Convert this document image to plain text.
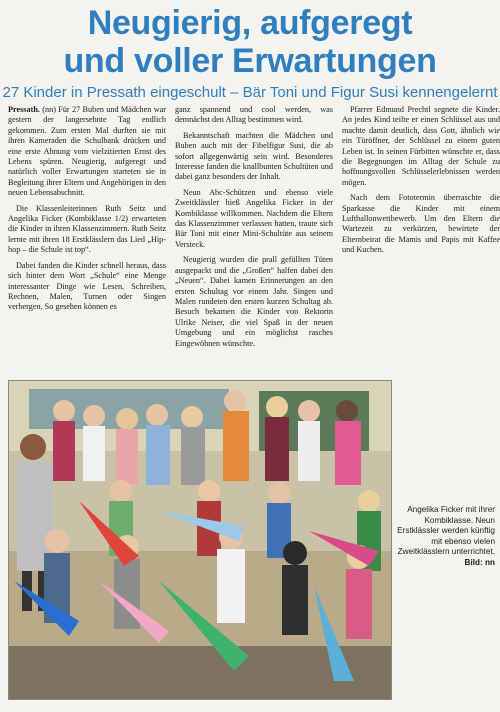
Neugierig, aufgeregt
und voller Erwartungen
27 Kinder in Pressath eingeschult – Bär Toni und Figur Susi kennengelernt

Pressath. (nn) Für 27 Buben und Mädchen war gestern der langersehnte Tag endlich gekommen. Zum ersten Mal durften sie mit ihren Kameraden die Schulbank drücken und eine erste Ahnung vom vielzitierten Ernst des Lebens spüren. Neugierig, aufgeregt und natürlich voller Erwartungen starteten sie in Begleitung ihrer Eltern und Angehörigen in den neuen Lebensabschnitt.

Die Klassenleiterinnen Ruth Seitz und Angelika Ficker (Kombiklasse 1/2) erwarteten die Kinder in ihren Klassenzimmern. Ruth Seitz lernte mit ihren 18 Erstklässlern das Lied „Hip-hop – die Schule ist top“.

Dabei fanden die Kinder schnell heraus, dass sich hinter dem Wort „Schule“ eine Menge interessanter Dinge wie Lesen, Schreiben, Rechnen, Malen, Turnen oder Singen verbergen. So gesehen können es

ganz spannend und cool werden, was demnächst den Alltag bestimmen wird.

Bekanntschaft machten die Mädchen und Buben auch mit der Fibelfigur Susi, die ab sofort allgegenwärtig sein wird. Besonderes Interesse fanden die knallbunten Schultüten und dabei ganz besonders der Inhalt.

Neun Abc-Schützen und ebenso viele Zweitklässler hieß Angelika Ficker in der Kombiklasse willkommen. Nachdem die Eltern das Klassenzimmer verlassen hatten, traute sich Bär Toni mit einer Mini-Schultüte aus seinem Versteck.

Neugierig wurden die prall gefüllten Tüten ausgepackt und die „Großen“ halfen dabei den „Neuen“. Dabei kamen Erinnerungen an den ersten Schultag vor einem Jahr. Singen und Malen rundeten den ersten kurzen Schultag ab. Besuch bekamen die Kinder von Rektorin Ulrike Neiser, die viel Spaß in der neuen Umgebung und ein möglichst rasches Eingewöhnen wünschte.

Pfarrer Edmund Prechtl segnete die Kinder. An jedes Kind teilte er einen Schlüssel aus und machte damit deutlich, dass Gott, ähnlich wie ein Türöffner, der Schlüssel zu einem guten Leben ist. In seinen Fürbitten wünschte er, dass die Begegnungen im Alltag der Schule zu hoffnungsvollen Schlüsselerlebnissen werden mögen.

Nach dem Fototermin überraschte die Sparkasse die Kinder mit einem Luftballonwettbewerb. Um den Eltern die Wartezeit zu verkürzen, bewirtete der Elternbeirat die Mamis und Papis mit Kaffee und Kuchen.

Angelika Ficker mit ihrer Kombiklasse. Neun Erstklässler werden künftig mit ebenso vielen Zweitklässlern unterrichtet. Bild: nn
